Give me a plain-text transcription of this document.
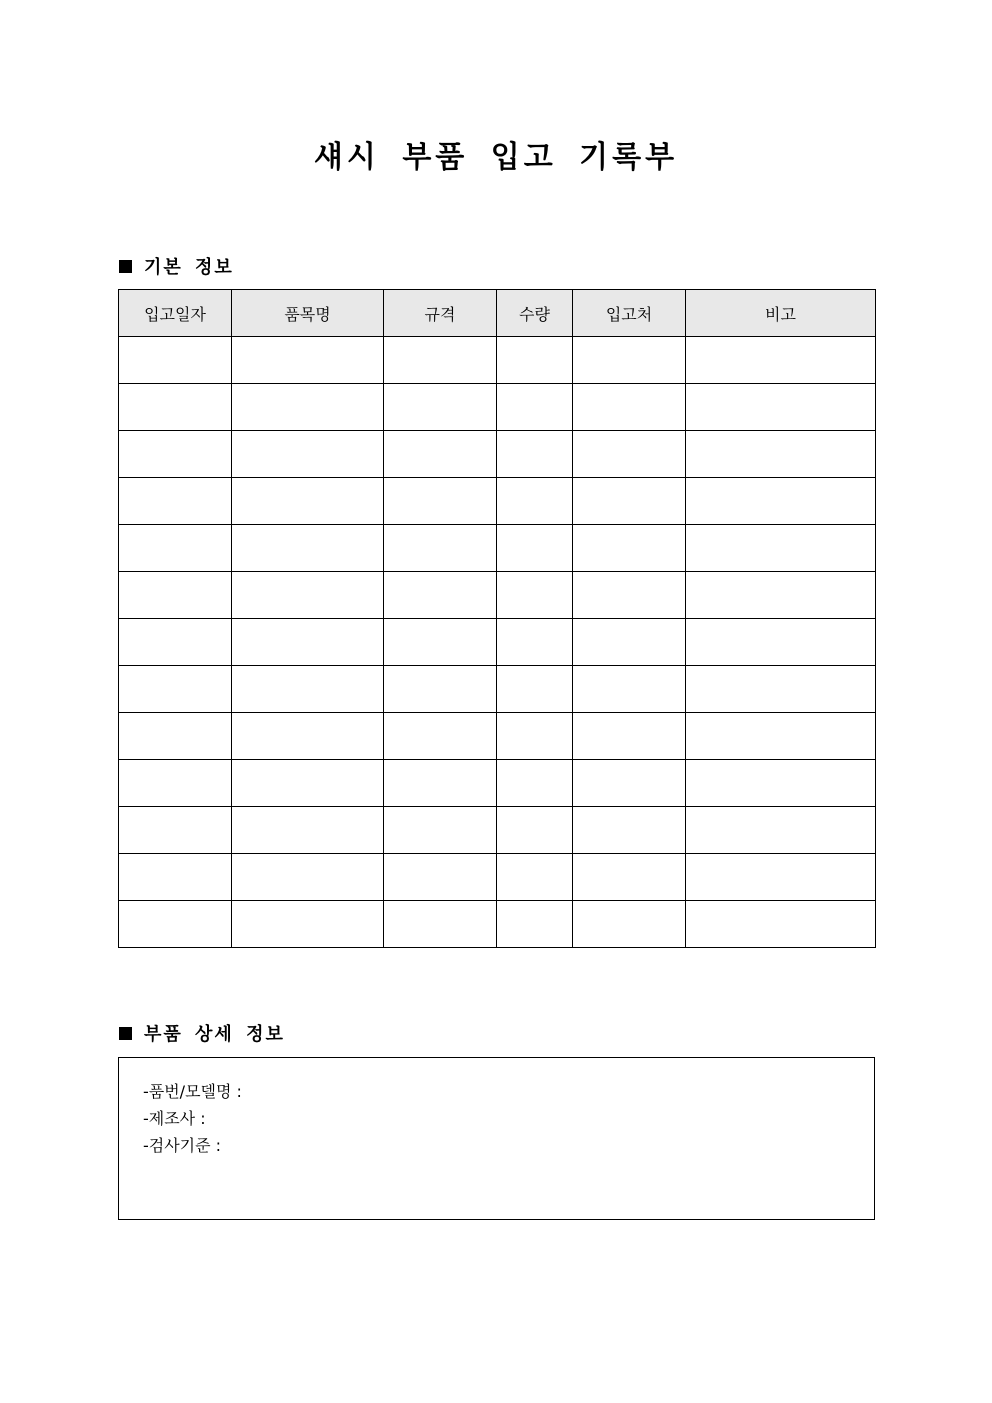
섀시 부품 입고 기록부
기본 정보
입고일자	품목명	규격	수량	입고처	비고

부품 상세 정보
-품번/모델명 :
-제조사 :
-검사기준 :
